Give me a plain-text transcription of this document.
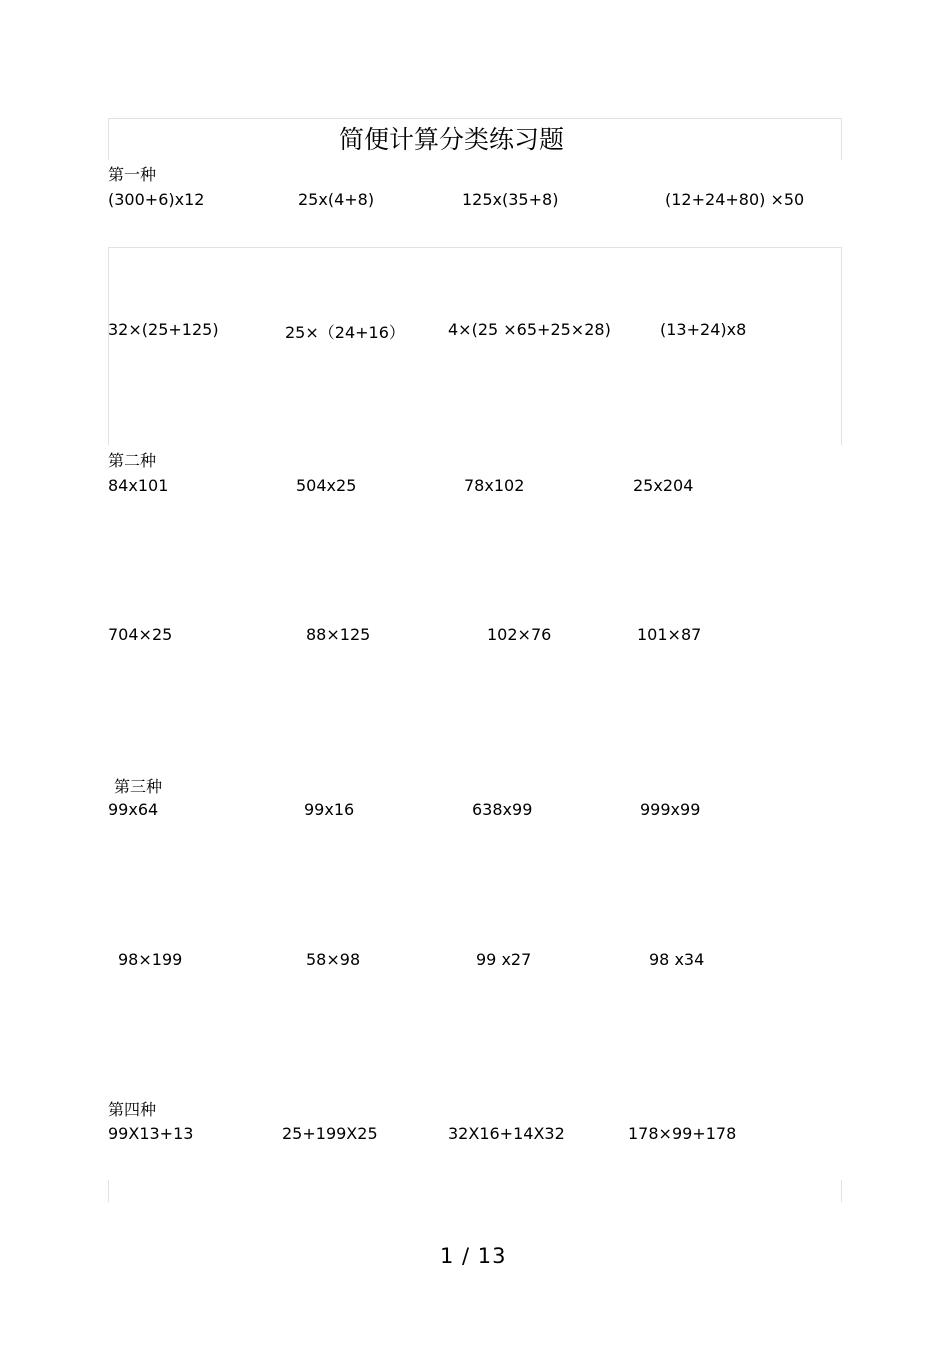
简便计算分类练习题
第一种
(300+6)x12	25x(4+8)	125x(35+8)	(12+24+80) ×50
32×(25+125)	25×（24+16）	4×(25 ×65+25×28)	(13+24)x8
第二种
84x101	504x25	78x102	25x204
704×25	88×125	102×76	101×87
第三种
99x64	99x16	638x99	999x99
98×199	58×98	99 x27	98 x34
第四种
99X13+13	25+199X25	32X16+14X32	178×99+178
1 / 13
